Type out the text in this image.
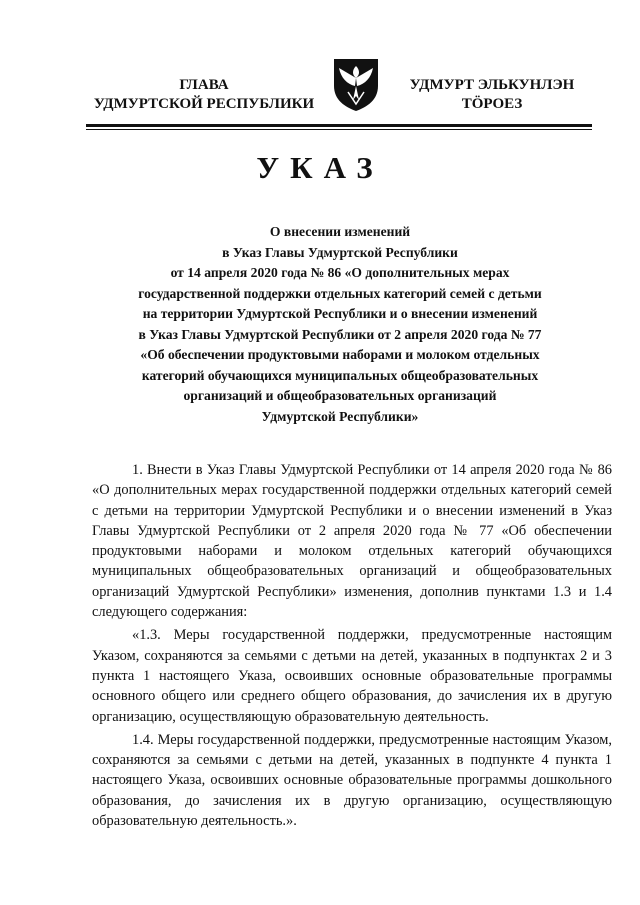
ГЛАВА
УДМУРТСКОЙ РЕСПУБЛИКИ
УДМУРТ ЭЛЬКУНЛЭН
ТӦРОЕЗ
УКАЗ
О внесении изменений
в Указ Главы Удмуртской Республики
от 14 апреля 2020 года № 86 «О дополнительных мерах
государственной поддержки отдельных категорий семей с детьми
на территории Удмуртской Республики и о внесении изменений
в Указ Главы Удмуртской Республики от 2 апреля 2020 года № 77
«Об обеспечении продуктовыми наборами и молоком отдельных
категорий обучающихся муниципальных общеобразовательных
организаций и общеобразовательных организаций
Удмуртской Республики»

1. Внести в Указ Главы Удмуртской Республики от 14 апреля 2020 года № 86 «О дополнительных мерах государственной поддержки отдельных категорий семей с детьми на территории Удмуртской Республики и о внесении изменений в Указ Главы Удмуртской Республики от 2 апреля 2020 года № 77 «Об обеспечении продуктовыми наборами и молоком отдельных категорий обучающихся муниципальных общеобразовательных организаций и общеобразовательных организаций Удмуртской Республики» изменения, дополнив пунктами 1.3 и 1.4 следующего содержания:

«1.3. Меры государственной поддержки, предусмотренные настоящим Указом, сохраняются за семьями с детьми на детей, указанных в подпунктах 2 и 3 пункта 1 настоящего Указа, освоивших основные образовательные программы основного общего или среднего общего образования, до зачисления их в другую организацию, осуществляющую образовательную деятельность.

1.4. Меры государственной поддержки, предусмотренные настоящим Указом, сохраняются за семьями с детьми на детей, указанных в подпункте 4 пункта 1 настоящего Указа, освоивших основные образовательные программы дошкольного образования, до зачисления их в другую организацию, осуществляющую образовательную деятельность.».
